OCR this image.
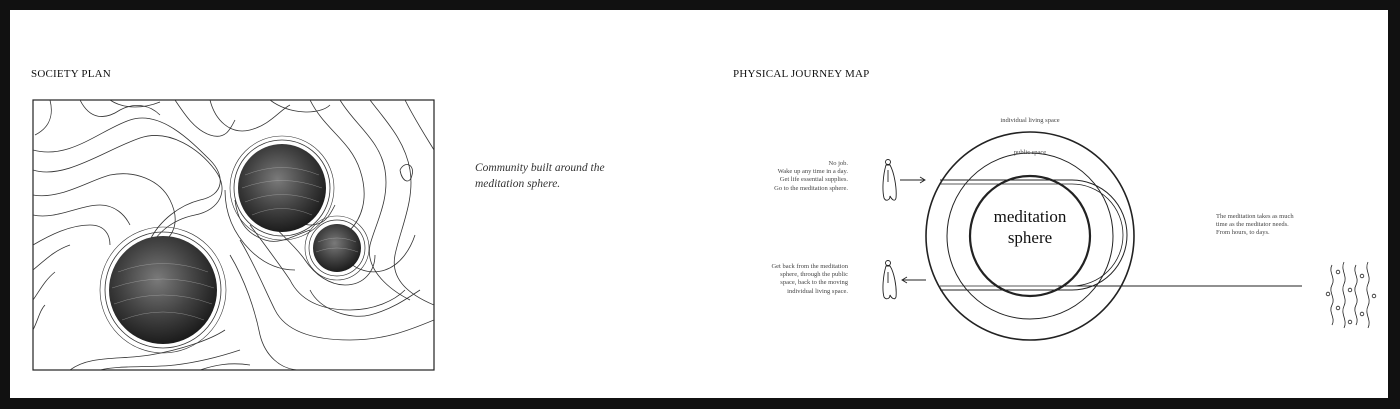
SOCIETY PLAN
Community built around the
meditation sphere.
PHYSICAL JOURNEY MAP
individual living space
public space
meditation
sphere
No job.
Wake up any time in a day.
Get life essential supplies.
Go to the meditation sphere.
Get back from the meditation
sphere, through the public
space, back to the moving
individual living space.
The meditation takes as much
time as the meditator needs.
From hours, to days.
